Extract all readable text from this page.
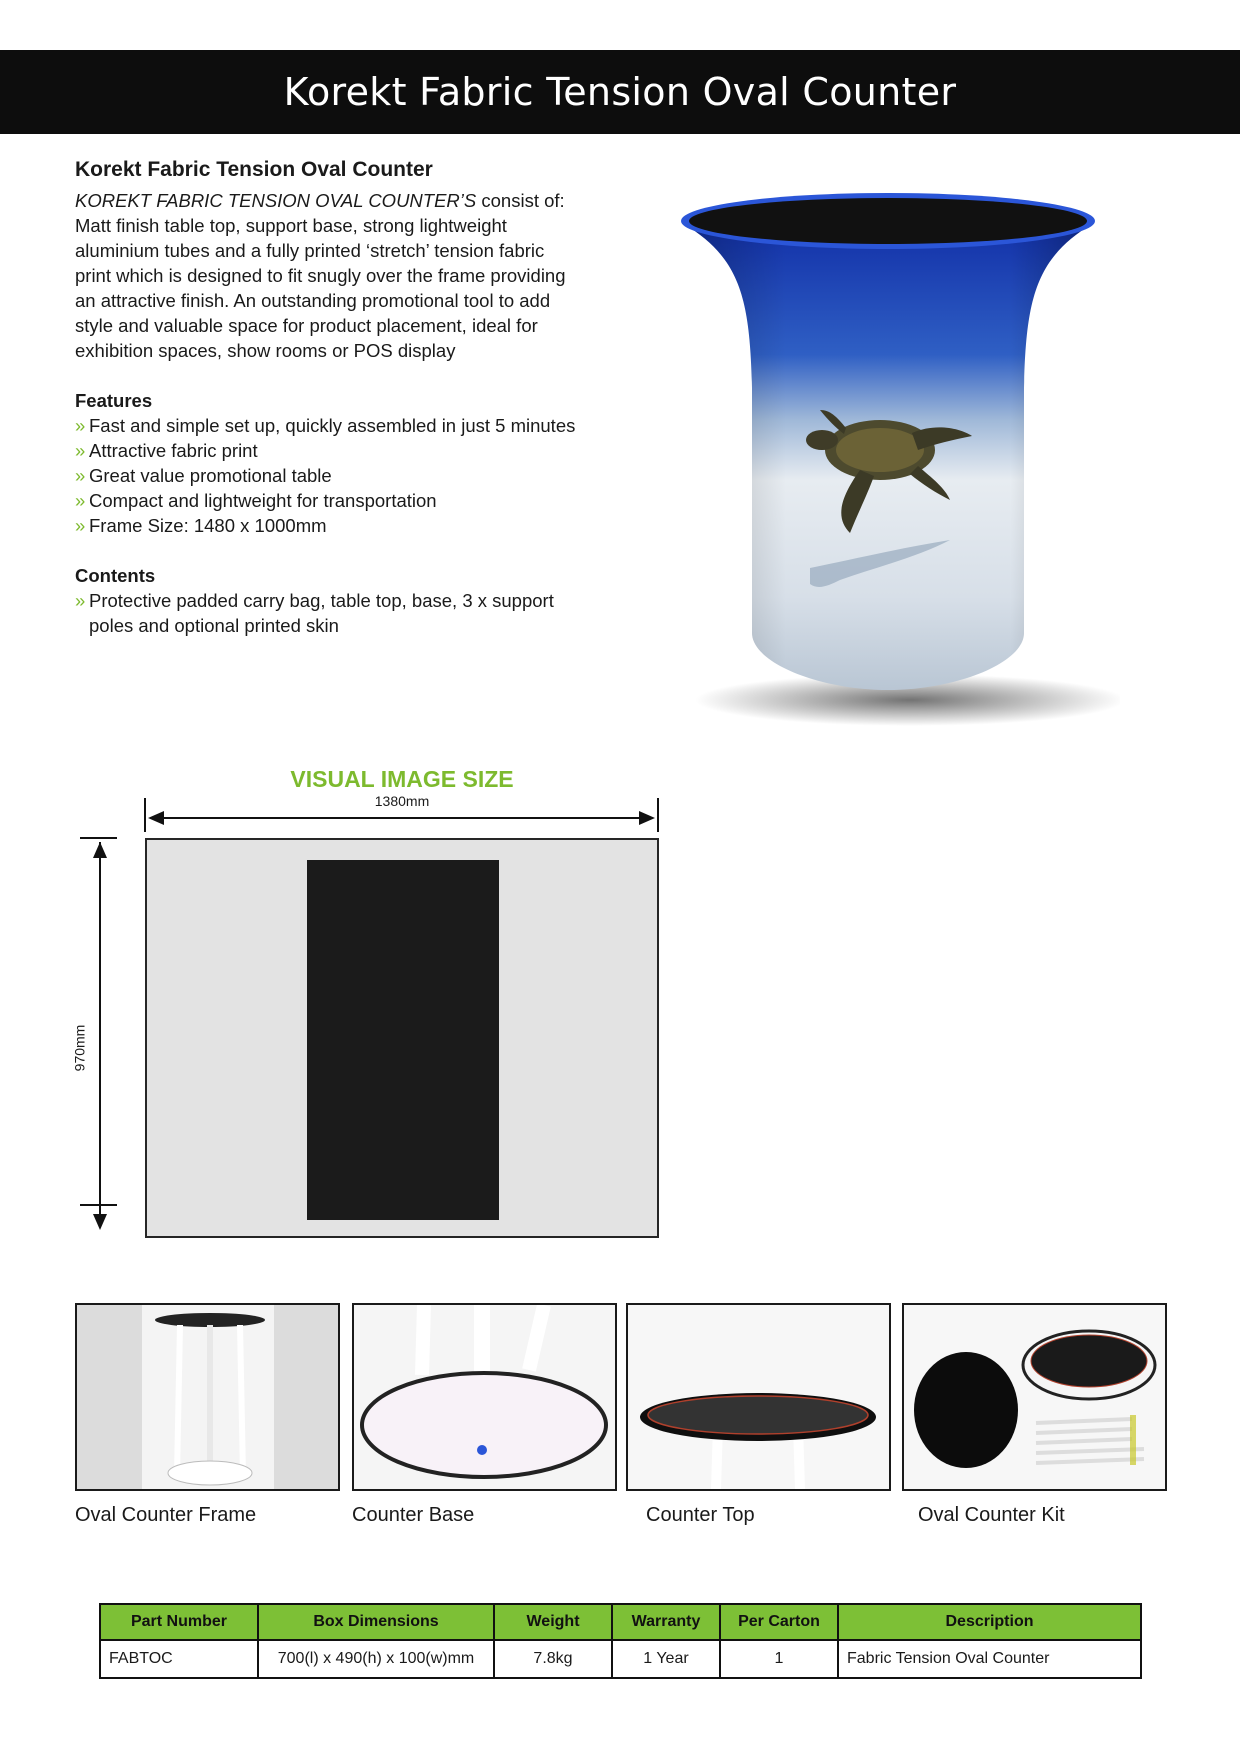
Korekt Fabric Tension Oval Counter
Korekt Fabric Tension Oval Counter

KOREKT FABRIC TENSION OVAL COUNTER’S consist of: Matt finish table top, support base, strong lightweight aluminium tubes and a fully printed ‘stretch’ tension fabric print which is designed to fit snugly over the frame providing an attractive finish. An outstanding promotional tool to add style and valuable space for product placement, ideal for exhibition spaces, show rooms or POS display

Features
» Fast and simple set up, quickly assembled in just 5 minutes
» Attractive fabric print
» Great value promotional table
» Compact and lightweight for transportation
» Frame Size: 1480 x 1000mm
Contents
» Protective padded carry bag, table top, base, 3 x support poles and optional printed skin
VISUAL IMAGE SIZE
1380mm
970mm
Oval Counter Frame	Counter Base	Counter Top	Oval Counter Kit
Part Number	Box Dimensions	Weight	Warranty	Per Carton	Description
FABTOC	700(l) x 490(h) x 100(w)mm	7.8kg	1 Year	1	Fabric Tension Oval Counter
